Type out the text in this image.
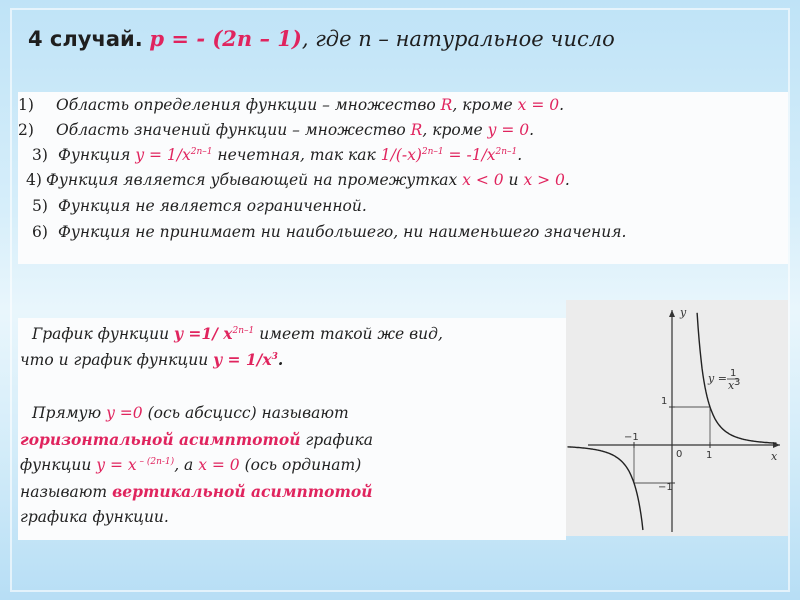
4 случай. р = - (2n – 1), где n – натуральное число
1) Область определения функции – множество R, кроме x = 0.
2) Область значений функции – множество R, кроме y = 0.
3) Функция $y = 1/x^{2n-1}$ нечетная, так как $1/(-x)^{2n-1} = -1/x^{2n-1}$.
4) Функция является убывающей на промежутках x < 0 и x > 0.
5) Функция не является ограниченной.
6) Функция не принимает ни наибольшего, ни наименьшего значения.
График функции y =1/ $x^{2n-1}$ имеет такой же вид,
что и график функции $y = 1/x^3$.
Прямую y =0 (ось абсцисс) называют
горизонтальной асимптотой графика
функции y = x $^{- (2n-1)}$, а x = 0 (ось ординат)
называют вертикальной асимптотой
графика функции.
y
x
0 1
−1
1
−1
y = 1
x 3
